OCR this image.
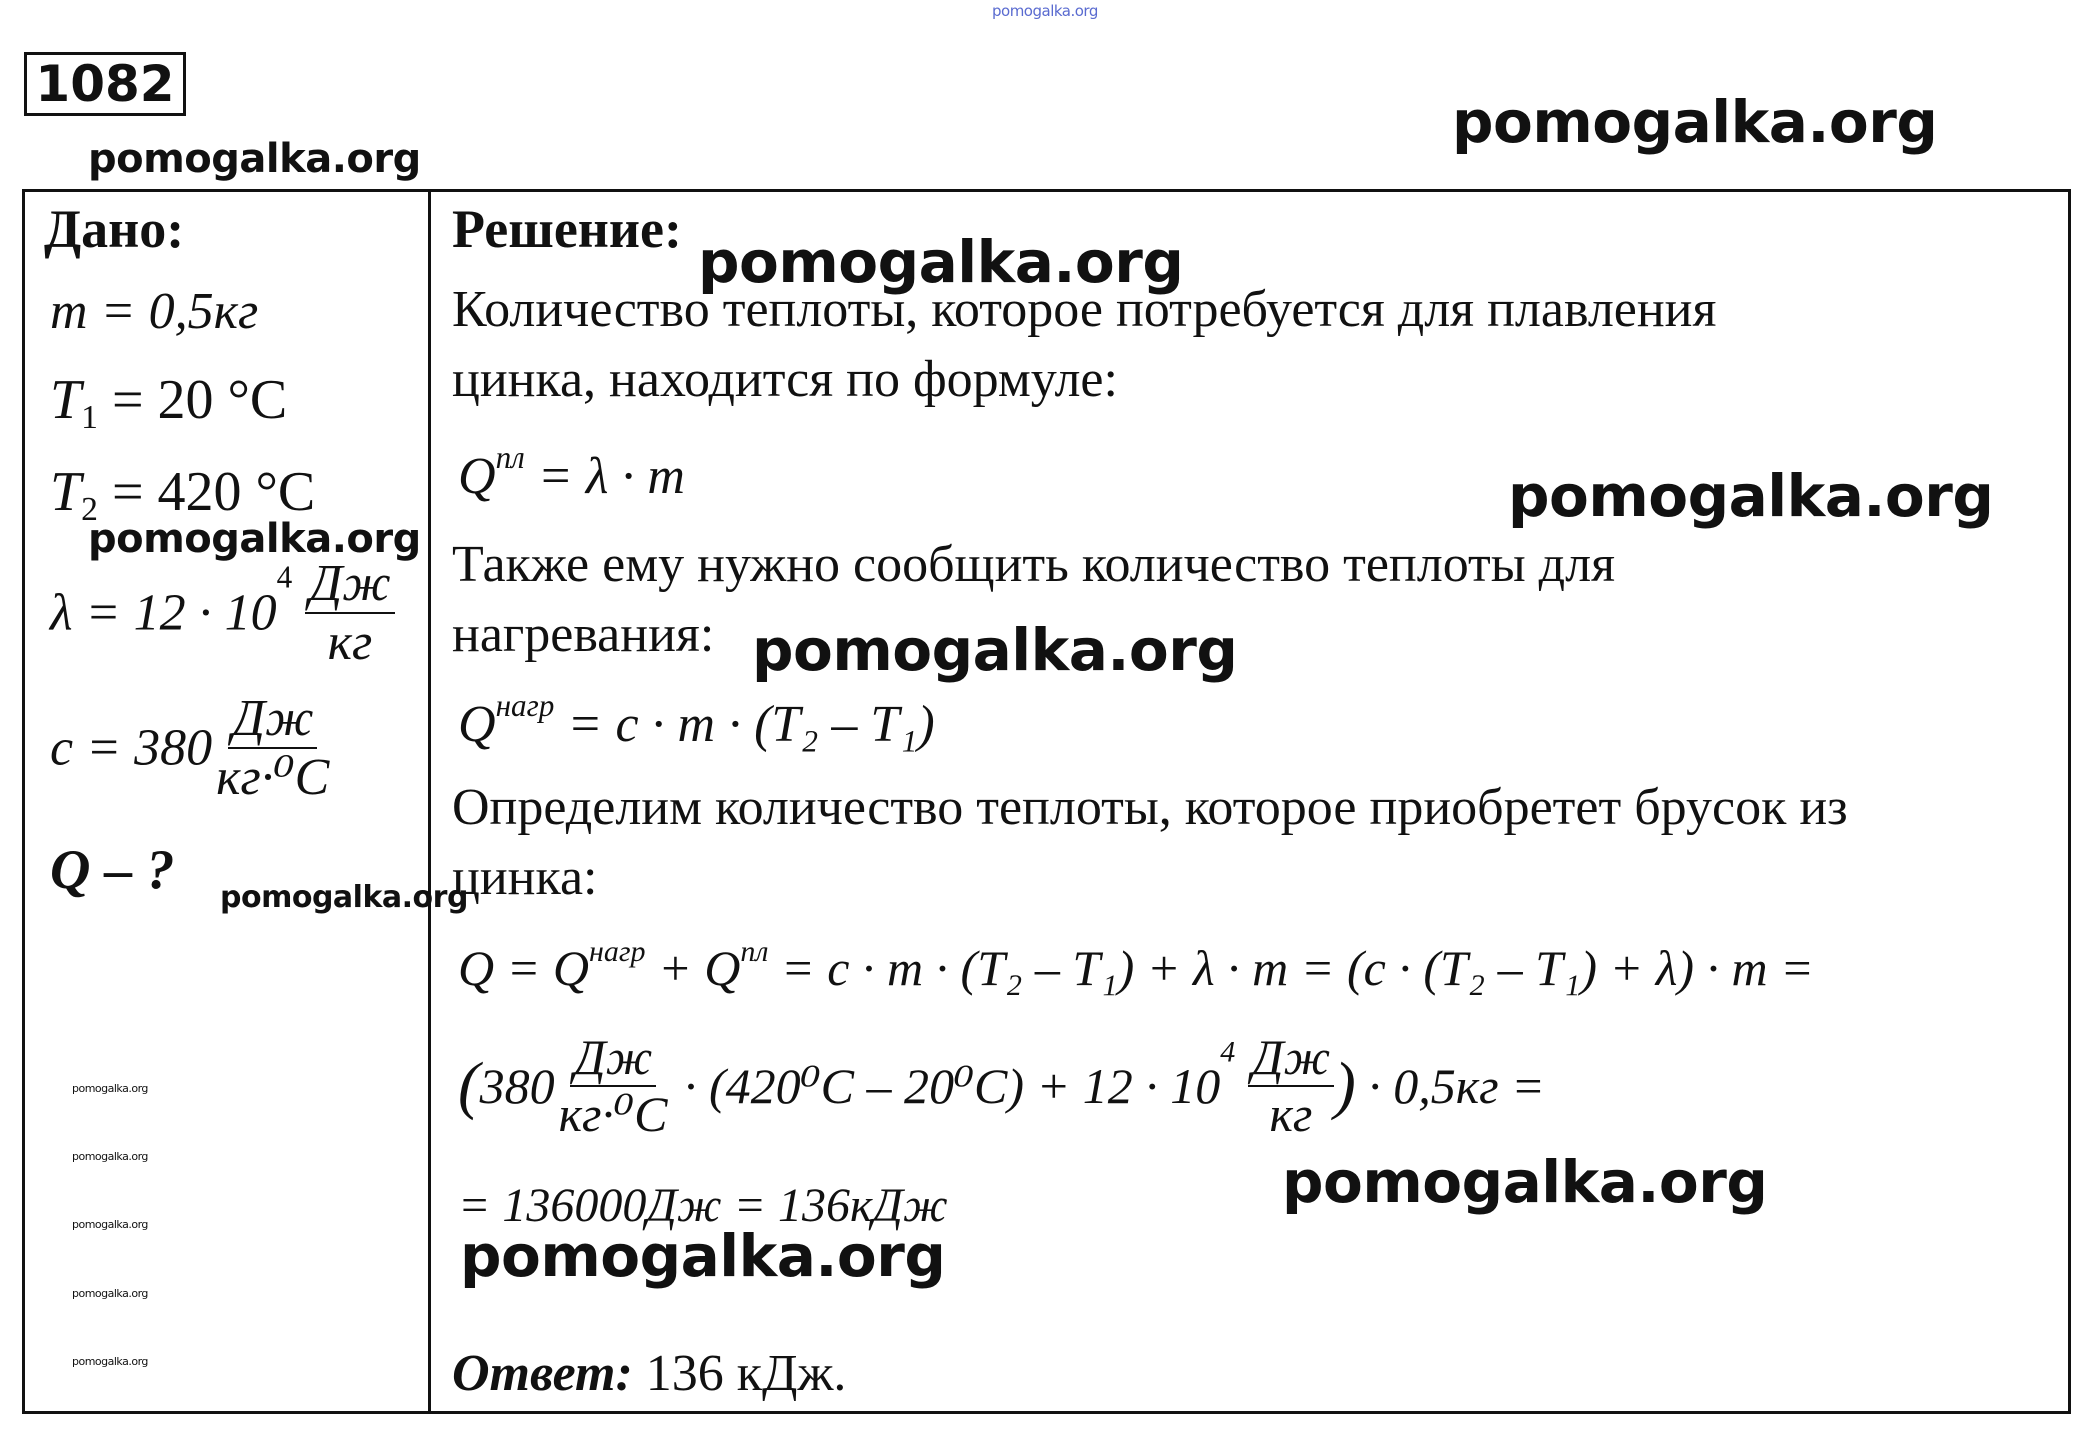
pomogalka.org
1082
pomogalka.org
pomogalka.org
Дано:
m = 0,5кг
$T_1 = 20$ °C
$T_2 = 420$ °C
$\lambda = 12 \cdot 10^4 \frac{Дж}{кг}$
$c = 380 \frac{Дж}{\text{кг·⁰C}}$
Q – ?
pomogalka.org
pomogalka.org
pomogalka.org
pomogalka.org
pomogalka.org
pomogalka.org
pomogalka.org
Решение:
Количество теплоты, которое потребуется для плавления
цинка, находится по формуле:
$Q^{пл} = \lambda \cdot m$
Также ему нужно сообщить количество теплоты для
нагревания:
$Q^{нагр} = c \cdot m \cdot (T_2 - T_1)$
Определим количество теплоты, которое приобретет брусок из
цинка:
$Q = Q^{нагр} + Q^{пл} = c \cdot m \cdot (T_2 - T_1) + \lambda \cdot m = (c \cdot (T_2 - T_1) + \lambda) \cdot m$ =
($380 \frac{Дж}{\text{кг·⁰C}} \cdot (420^0C - 20^0C) + 12 \cdot 10^4 \frac{Дж}{кг}$ ) · 0,5кг =
= 136000Дж = 136кДж
Ответ: 136 кДж.
pomogalka.org
pomogalka.org
pomogalka.org
pomogalka.org
pomogalka.org
